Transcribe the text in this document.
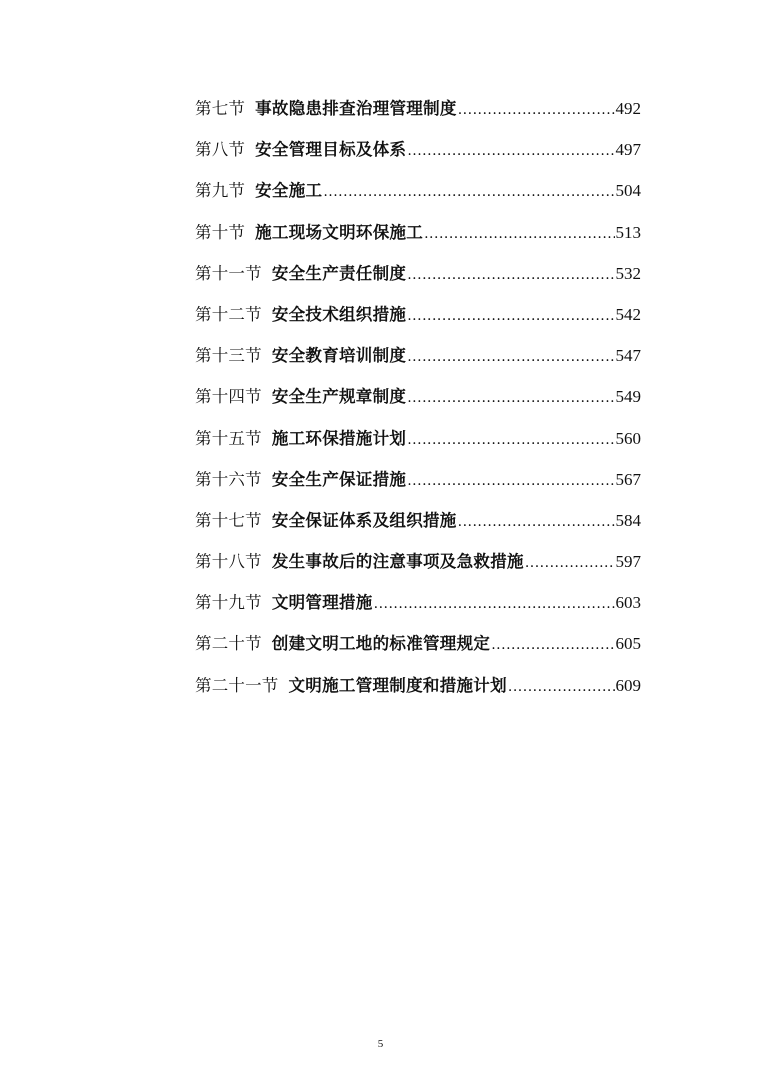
第七节 事故隐患排查治理管理制度 .....	492
第八节 安全管理目标及体系 .....	497
第九节 安全施工 .....	504
第十节 施工现场文明环保施工 .....	513
第十一节 安全生产责任制度 .....	532
第十二节 安全技术组织措施 .....	542
第十三节 安全教育培训制度 .....	547
第十四节 安全生产规章制度 .....	549
第十五节 施工环保措施计划 .....	560
第十六节 安全生产保证措施 .....	567
第十七节 安全保证体系及组织措施 .....	584
第十八节 发生事故后的注意事项及急救措施 .....	597
第十九节 文明管理措施 .....	603
第二十节 创建文明工地的标准管理规定 .....	605
第二十一节 文明施工管理制度和措施计划 .....	609
5
